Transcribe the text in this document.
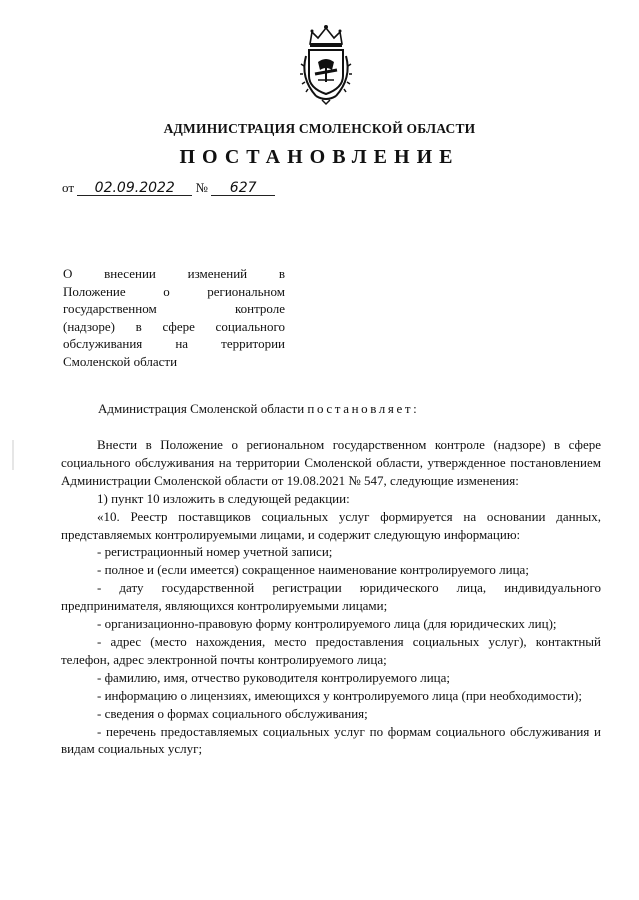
АДМИНИСТРАЦИЯ СМОЛЕНСКОЙ ОБЛАСТИ
ПОСТАНОВЛЕНИЕ
от 02.09.2022 № 627
О внесении изменений в
Положение о региональном
государственном контроле
(надзоре) в сфере социального
обслуживания на территории
Смоленской области
Администрация Смоленской области постановляет:

Внести в Положение о региональном государственном контроле (надзоре) в сфере социального обслуживания на территории Смоленской области, утвержденное постановлением Администрации Смоленской области от 19.08.2021 № 547, следующие изменения:

1) пункт 10 изложить в следующей редакции:

«10. Реестр поставщиков социальных услуг формируется на основании данных, представляемых контролируемыми лицами, и содержит следующую информацию:

- регистрационный номер учетной записи;

- полное и (если имеется) сокращенное наименование контролируемого лица;

- дату государственной регистрации юридического лица, индивидуального предпринимателя, являющихся контролируемыми лицами;

- организационно-правовую форму контролируемого лица (для юридических лиц);

- адрес (место нахождения, место предоставления социальных услуг), контактный телефон, адрес электронной почты контролируемого лица;

- фамилию, имя, отчество руководителя контролируемого лица;

- информацию о лицензиях, имеющихся у контролируемого лица (при необходимости);

- сведения о формах социального обслуживания;

- перечень предоставляемых социальных услуг по формам социального обслуживания и видам социальных услуг;
